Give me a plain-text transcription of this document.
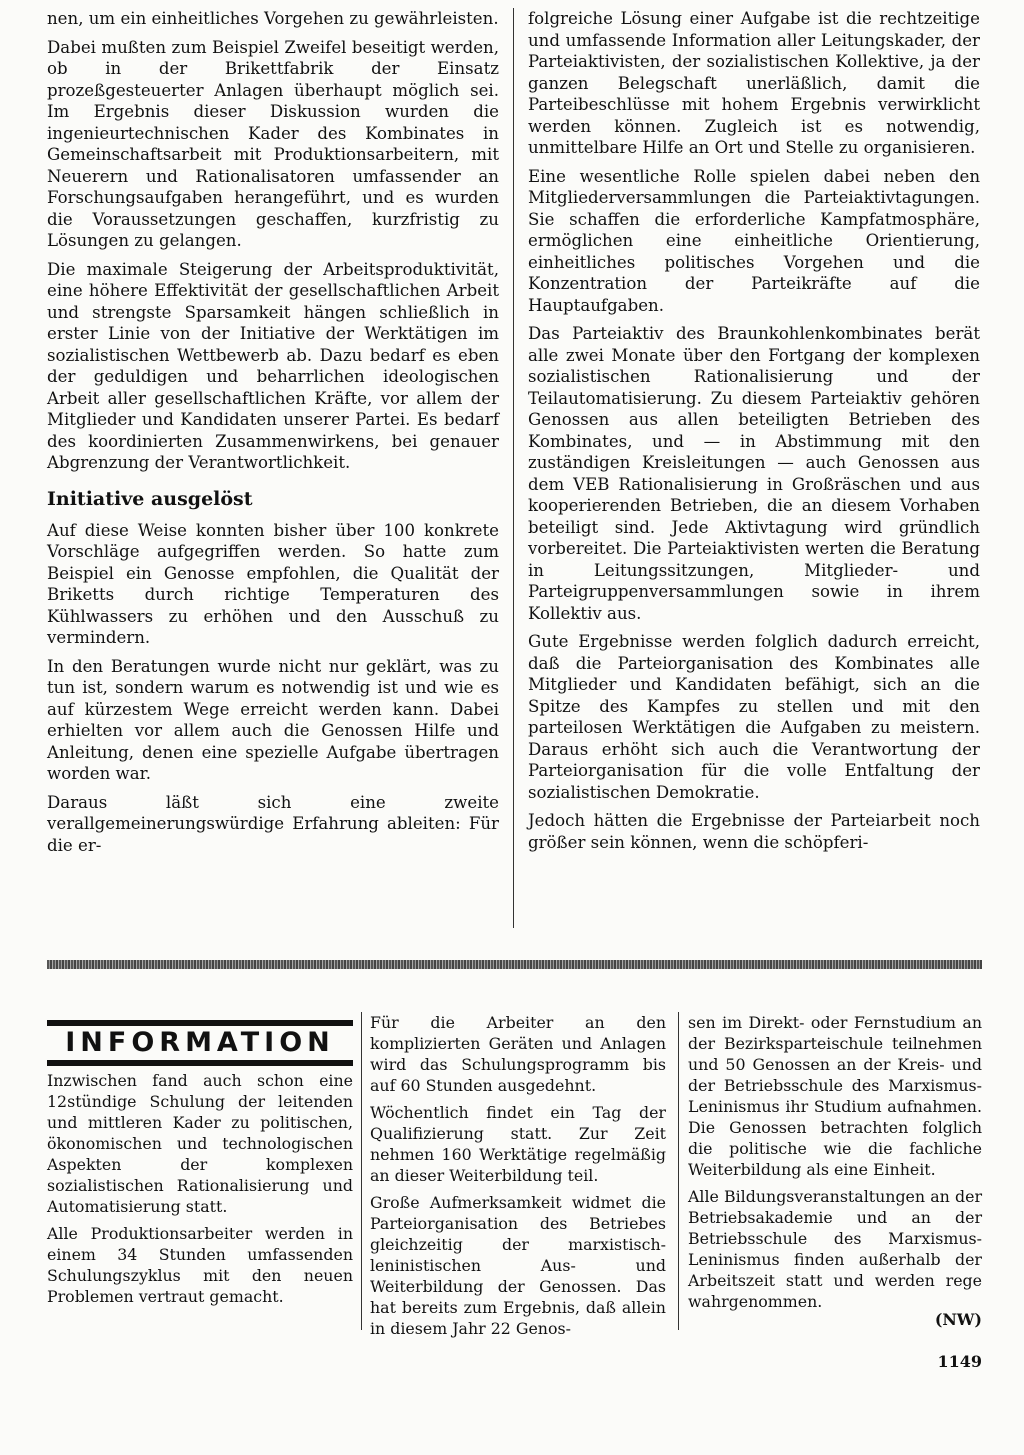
nen, um ein einheitliches Vorgehen zu gewährleisten.

Dabei mußten zum Beispiel Zweifel beseitigt werden, ob in der Brikettfabrik der Einsatz prozeßgesteuerter Anlagen überhaupt möglich sei. Im Ergebnis dieser Diskussion wurden die ingenieurtechnischen Kader des Kombinates in Gemeinschaftsarbeit mit Produktionsarbeitern, mit Neuerern und Rationalisatoren umfassender an Forschungsaufgaben herangeführt, und es wurden die Voraussetzungen geschaffen, kurzfristig zu Lösungen zu gelangen.

Die maximale Steigerung der Arbeitsproduktivität, eine höhere Effektivität der gesellschaftlichen Arbeit und strengste Sparsamkeit hängen schließlich in erster Linie von der Initiative der Werktätigen im sozialistischen Wettbewerb ab. Dazu bedarf es eben der geduldigen und beharrlichen ideologischen Arbeit aller gesellschaftlichen Kräfte, vor allem der Mitglieder und Kandidaten unserer Partei. Es bedarf des koordinierten Zusammenwirkens, bei genauer Abgrenzung der Verantwortlichkeit.

Initiative ausgelöst

Auf diese Weise konnten bisher über 100 konkrete Vorschläge aufgegriffen werden. So hatte zum Beispiel ein Genosse empfohlen, die Qualität der Briketts durch richtige Temperaturen des Kühlwassers zu erhöhen und den Ausschuß zu vermindern.

In den Beratungen wurde nicht nur geklärt, was zu tun ist, sondern warum es notwendig ist und wie es auf kürzestem Wege erreicht werden kann. Dabei erhielten vor allem auch die Genossen Hilfe und Anleitung, denen eine spezielle Aufgabe übertragen worden war.

Daraus läßt sich eine zweite verallgemeinerungswürdige Erfahrung ableiten: Für die er-

folgreiche Lösung einer Aufgabe ist die rechtzeitige und umfassende Information aller Leitungskader, der Parteiaktivisten, der sozialistischen Kollektive, ja der ganzen Belegschaft unerläßlich, damit die Parteibeschlüsse mit hohem Ergebnis verwirklicht werden können. Zugleich ist es notwendig, unmittelbare Hilfe an Ort und Stelle zu organisieren.

Eine wesentliche Rolle spielen dabei neben den Mitgliederversammlungen die Parteiaktivtagungen. Sie schaffen die erforderliche Kampfatmosphäre, ermöglichen eine einheitliche Orientierung, einheitliches politisches Vorgehen und die Konzentration der Parteikräfte auf die Hauptaufgaben.

Das Parteiaktiv des Braunkohlenkombinates berät alle zwei Monate über den Fortgang der komplexen sozialistischen Rationalisierung und der Teilautomatisierung. Zu diesem Parteiaktiv gehören Genossen aus allen beteiligten Betrieben des Kombinates, und — in Abstimmung mit den zuständigen Kreisleitungen — auch Genossen aus dem VEB Rationalisierung in Großräschen und aus kooperierenden Betrieben, die an diesem Vorhaben beteiligt sind. Jede Aktivtagung wird gründlich vorbereitet. Die Parteiaktivisten werten die Beratung in Leitungssitzungen, Mitglieder- und Parteigruppenversammlungen sowie in ihrem Kollektiv aus.

Gute Ergebnisse werden folglich dadurch erreicht, daß die Parteiorganisation des Kombinates alle Mitglieder und Kandidaten befähigt, sich an die Spitze des Kampfes zu stellen und mit den parteilosen Werktätigen die Aufgaben zu meistern. Daraus erhöht sich auch die Verantwortung der Parteiorganisation für die volle Entfaltung der sozialistischen Demokratie.

Jedoch hätten die Ergebnisse der Parteiarbeit noch größer sein können, wenn die schöpferi-

INFORMATION

Inzwischen fand auch schon eine 12stündige Schulung der leitenden und mittleren Kader zu politischen, ökonomischen und technologischen Aspekten der komplexen sozialistischen Rationalisierung und Automatisierung statt.

Alle Produktionsarbeiter werden in einem 34 Stunden umfassenden Schulungszyklus mit den neuen Problemen vertraut gemacht.

Für die Arbeiter an den komplizierten Geräten und Anlagen wird das Schulungsprogramm bis auf 60 Stunden ausgedehnt.

Wöchentlich findet ein Tag der Qualifizierung statt. Zur Zeit nehmen 160 Werktätige regelmäßig an dieser Weiterbildung teil.

Große Aufmerksamkeit widmet die Parteiorganisation des Betriebes gleichzeitig der marxistisch-leninistischen Aus- und Weiterbildung der Genossen. Das hat bereits zum Ergebnis, daß allein in diesem Jahr 22 Genos-

sen im Direkt- oder Fernstudium an der Bezirksparteischule teilnehmen und 50 Genossen an der Kreis- und der Betriebsschule des Marxismus-Leninismus ihr Studium aufnahmen. Die Genossen betrachten folglich die politische wie die fachliche Weiterbildung als eine Einheit.

Alle Bildungsveranstaltungen an der Betriebsakademie und an der Betriebsschule des Marxismus-Leninismus finden außerhalb der Arbeitszeit statt und werden rege wahrgenommen.

(NW)
1149
